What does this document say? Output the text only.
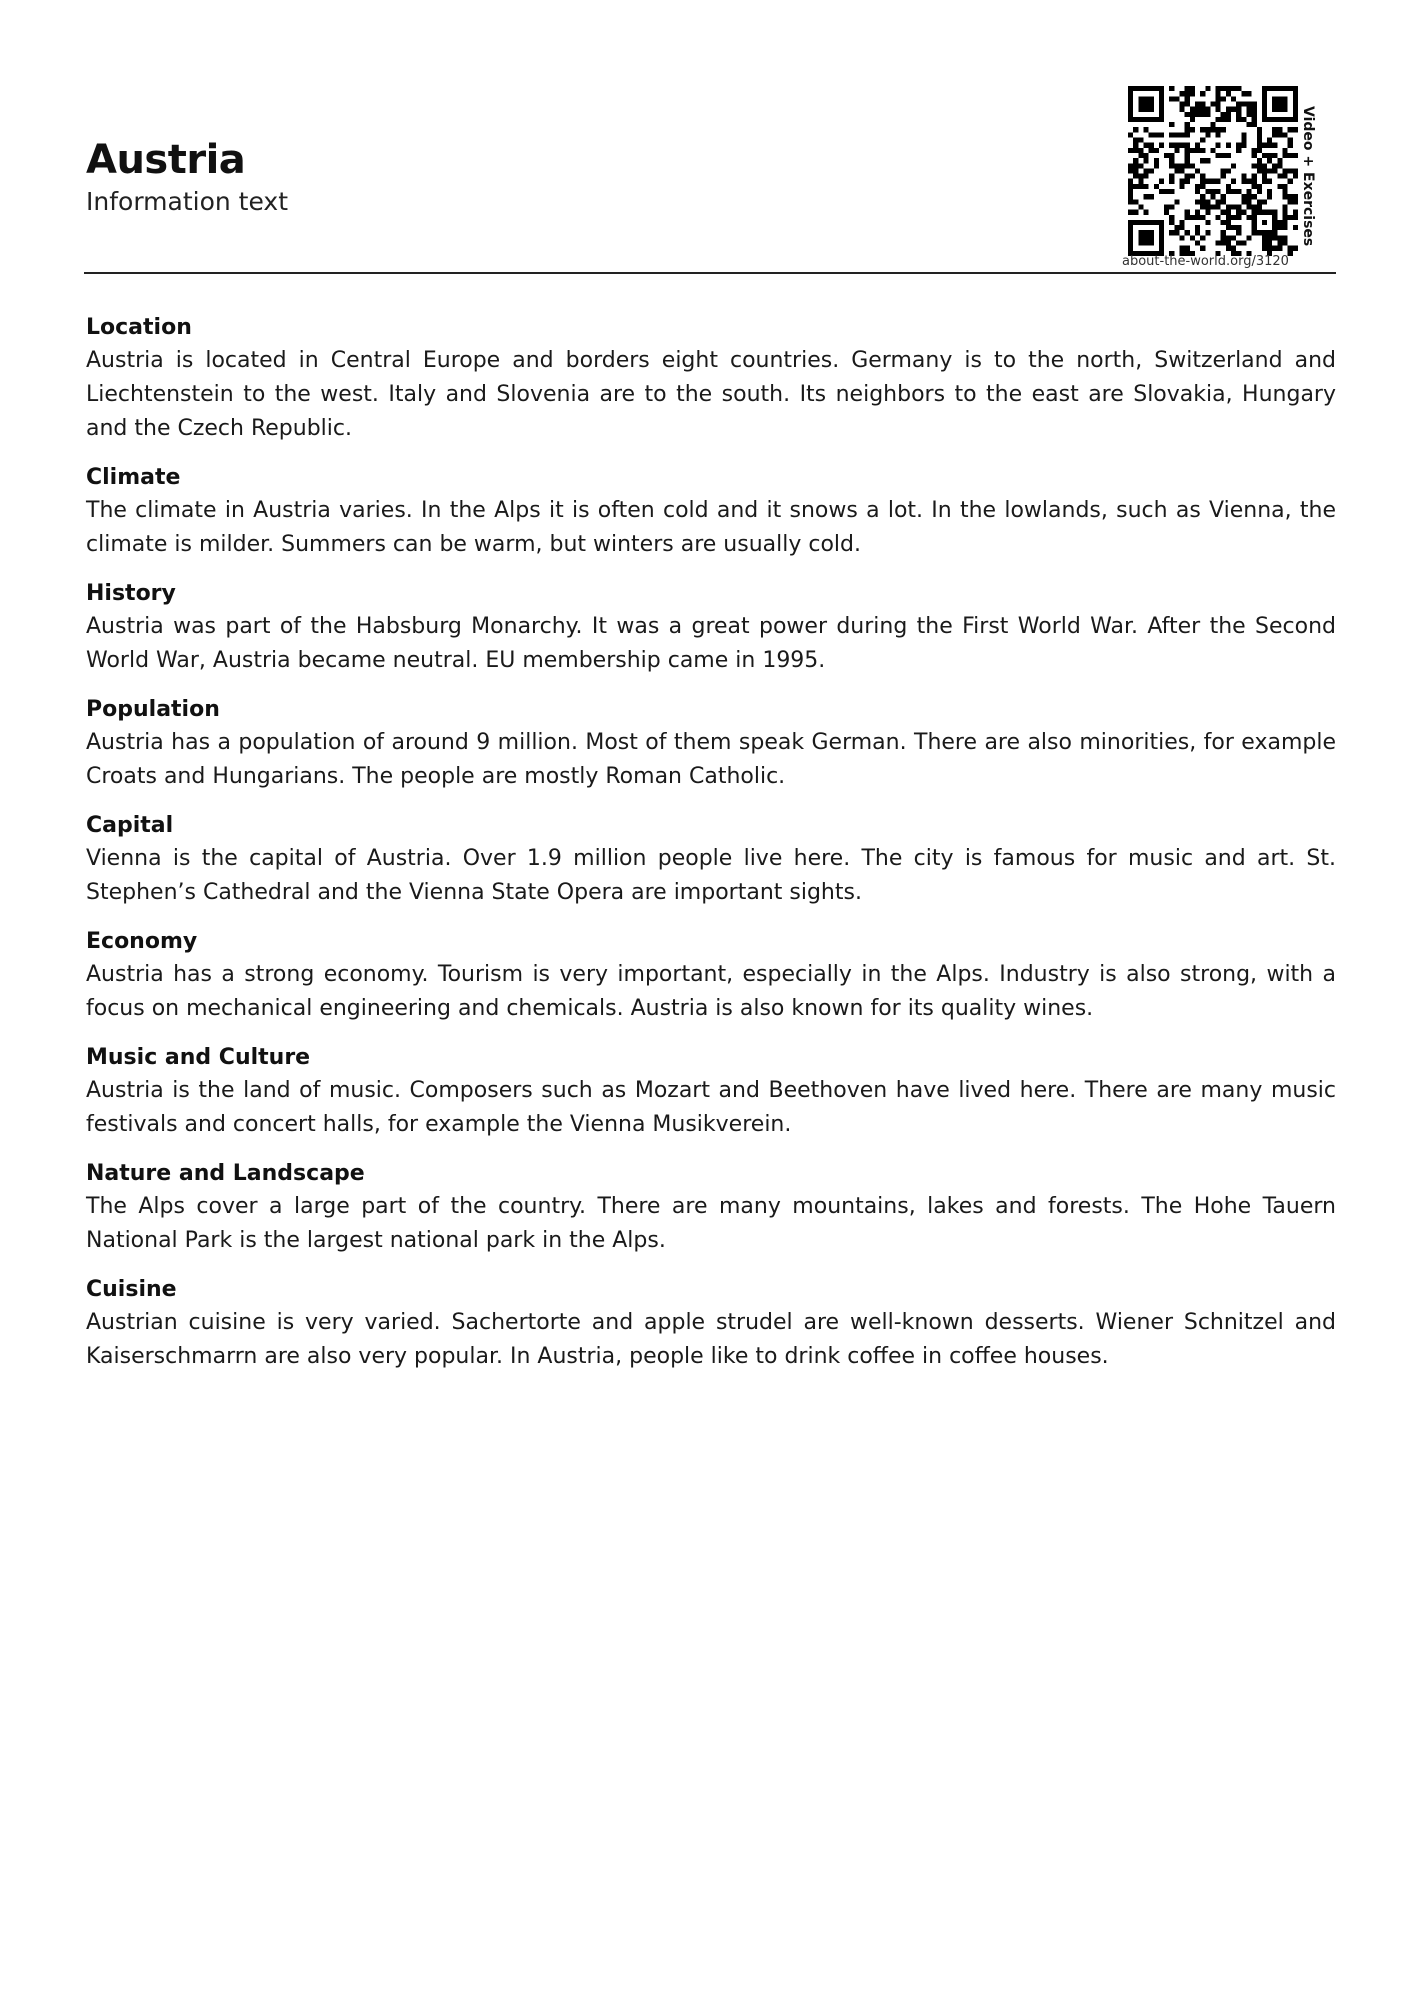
Austria
Information text	Video + Exercises
about-the-world.org/3120
Location

Austria is located in Central Europe and borders eight countries. Germany is to the north, Switzerland and Liechtenstein to the west. Italy and Slovenia are to the south. Its neighbors to the east are Slovakia, Hungary and the Czech Republic.

Climate

The climate in Austria varies. In the Alps it is often cold and it snows a lot. In the lowlands, such as Vienna, the climate is milder. Summers can be warm, but winters are usually cold.

History

Austria was part of the Habsburg Monarchy. It was a great power during the First World War. After the Second World War, Austria became neutral. EU membership came in 1995.

Population

Austria has a population of around 9 million. Most of them speak German. There are also minorities, for example Croats and Hungarians. The people are mostly Roman Catholic.

Capital

Vienna is the capital of Austria. Over 1.9 million people live here. The city is famous for music and art. St. Stephen’s Cathedral and the Vienna State Opera are important sights.

Economy

Austria has a strong economy. Tourism is very important, especially in the Alps. Industry is also strong, with a focus on mechanical engineering and chemicals. Austria is also known for its quality wines.

Music and Culture

Austria is the land of music. Composers such as Mozart and Beethoven have lived here. There are many music festivals and concert halls, for example the Vienna Musikverein.

Nature and Landscape

The Alps cover a large part of the country. There are many mountains, lakes and forests. The Hohe Tauern National Park is the largest national park in the Alps.

Cuisine

Austrian cuisine is very varied. Sachertorte and apple strudel are well-known desserts. Wiener Schnitzel and Kaiserschmarrn are also very popular. In Austria, people like to drink coffee in coffee houses.
